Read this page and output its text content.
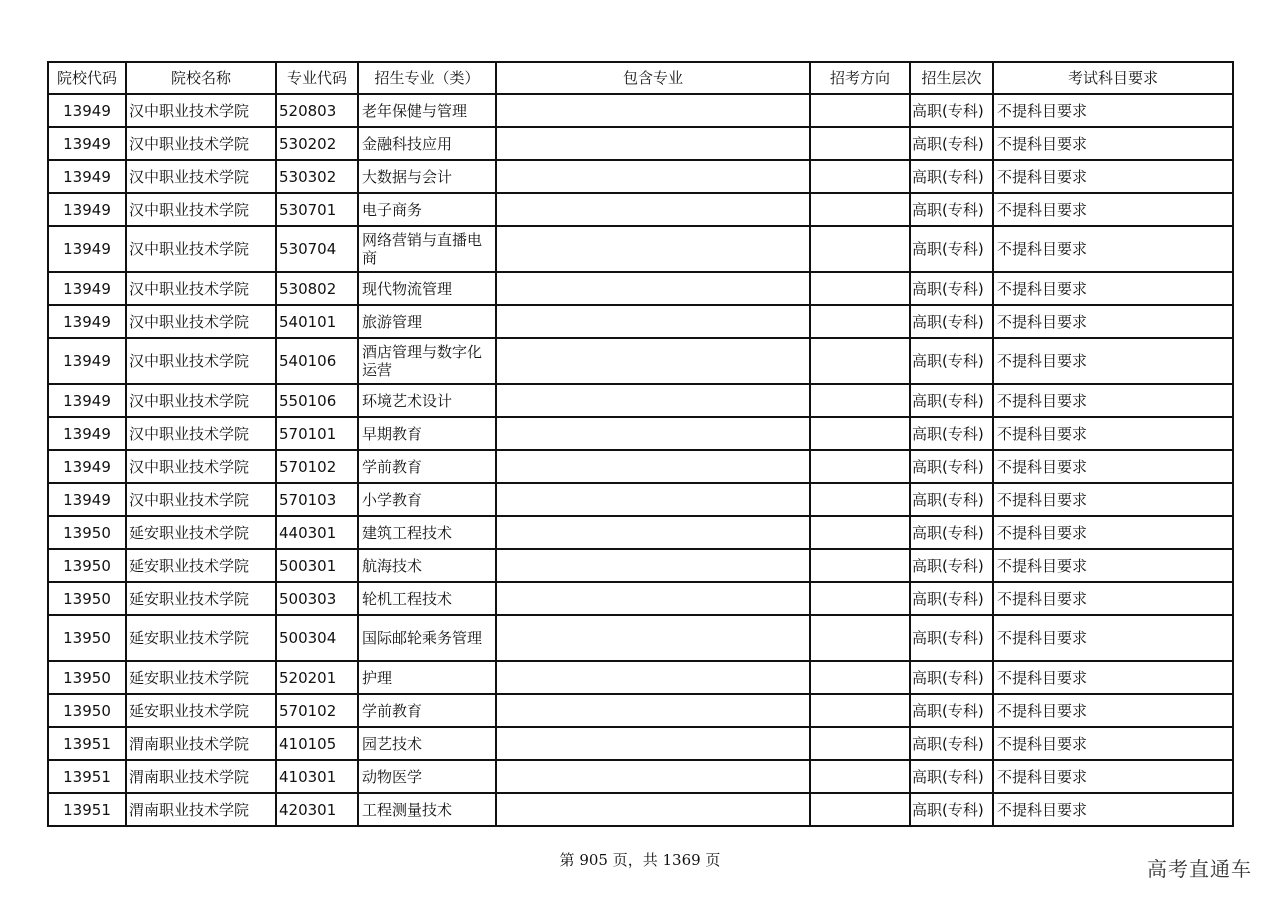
院校代码	院校名称	专业代码	招生专业（类）	包含专业	招考方向	招生层次	考试科目要求
13949	汉中职业技术学院	520803	老年保健与管理			高职(专科)	不提科目要求
13949	汉中职业技术学院	530202	金融科技应用			高职(专科)	不提科目要求
13949	汉中职业技术学院	530302	大数据与会计			高职(专科)	不提科目要求
13949	汉中职业技术学院	530701	电子商务			高职(专科)	不提科目要求
13949	汉中职业技术学院	530704	网络营销与直播电商			高职(专科)	不提科目要求
13949	汉中职业技术学院	530802	现代物流管理			高职(专科)	不提科目要求
13949	汉中职业技术学院	540101	旅游管理			高职(专科)	不提科目要求
13949	汉中职业技术学院	540106	酒店管理与数字化运营			高职(专科)	不提科目要求
13949	汉中职业技术学院	550106	环境艺术设计			高职(专科)	不提科目要求
13949	汉中职业技术学院	570101	早期教育			高职(专科)	不提科目要求
13949	汉中职业技术学院	570102	学前教育			高职(专科)	不提科目要求
13949	汉中职业技术学院	570103	小学教育			高职(专科)	不提科目要求
13950	延安职业技术学院	440301	建筑工程技术			高职(专科)	不提科目要求
13950	延安职业技术学院	500301	航海技术			高职(专科)	不提科目要求
13950	延安职业技术学院	500303	轮机工程技术			高职(专科)	不提科目要求
13950	延安职业技术学院	500304	国际邮轮乘务管理			高职(专科)	不提科目要求
13950	延安职业技术学院	520201	护理			高职(专科)	不提科目要求
13950	延安职业技术学院	570102	学前教育			高职(专科)	不提科目要求
13951	渭南职业技术学院	410105	园艺技术			高职(专科)	不提科目要求
13951	渭南职业技术学院	410301	动物医学			高职(专科)	不提科目要求
13951	渭南职业技术学院	420301	工程测量技术			高职(专科)	不提科目要求
第 905 页，共 1369 页	高考直通车
